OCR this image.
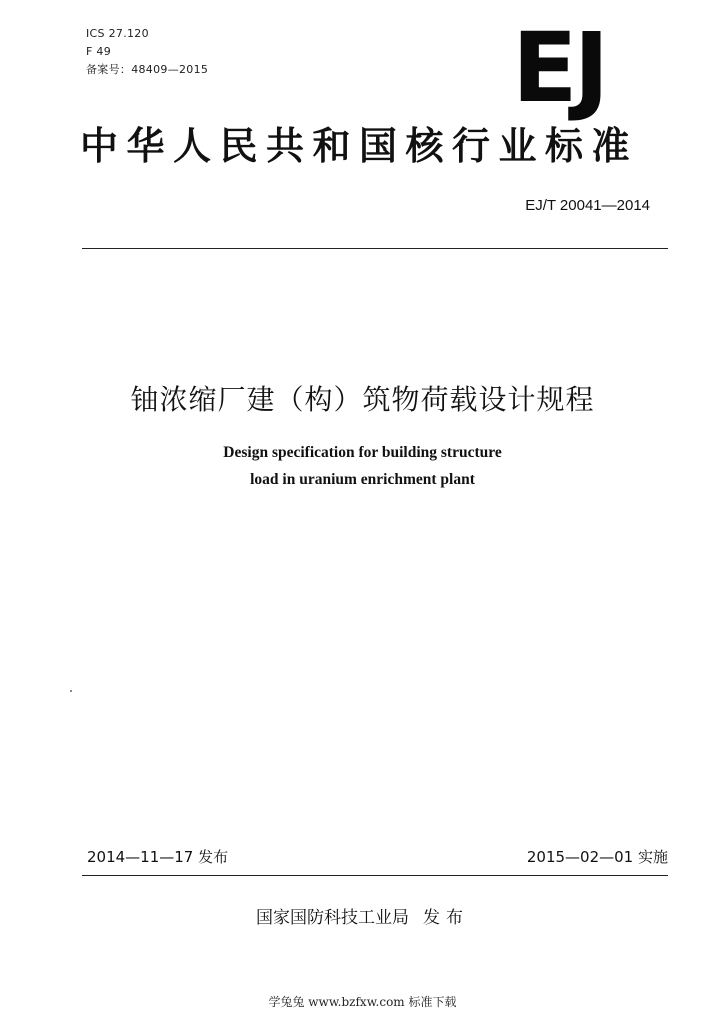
ICS 27.120
F 49
备案号：48409—2015	EJ
中华人民共和国核行业标准
EJ/T 20041—2014
铀浓缩厂建（构）筑物荷载设计规程
Design specification for building structure
load in uranium enrichment plant
2014—11—17 发布	2015—02—01 实施
国家国防科技工业局 发布
学兔兔 www.bzfxw.com 标准下载
